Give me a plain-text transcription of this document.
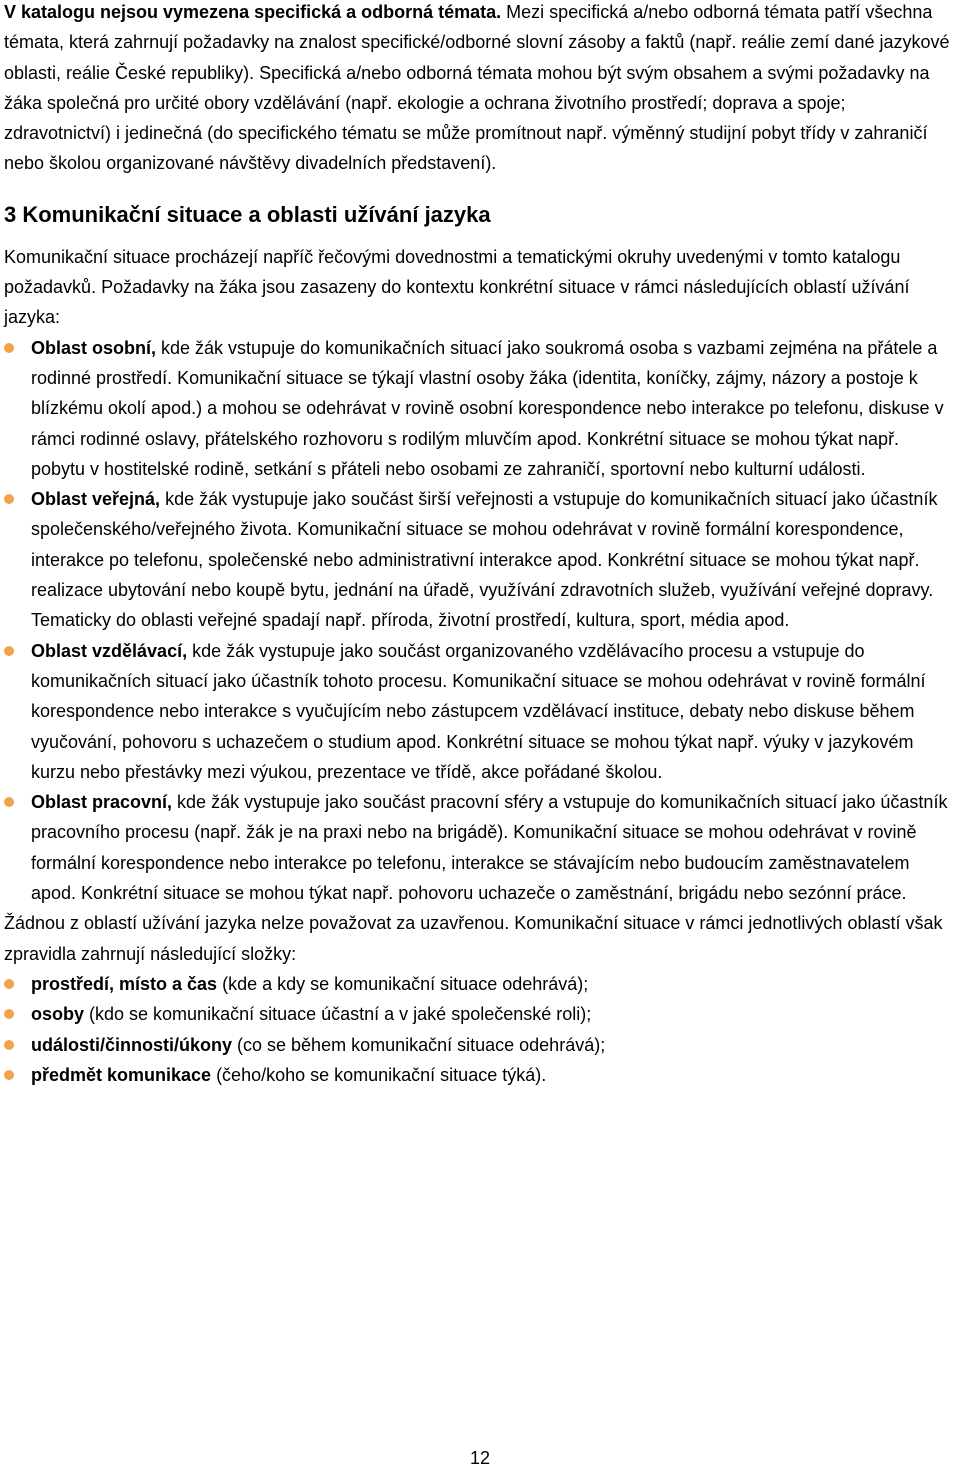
V katalogu nejsou vymezena specifická a odborná témata. Mezi specifická a/nebo odborná témata patří všechna témata, která zahrnují požadavky na znalost specifické/odborné slovní zásoby a faktů (např. reálie zemí dané jazykové oblasti, reálie České republiky). Specifická a/nebo odborná témata mohou být svým obsahem a svými požadavky na žáka společná pro určité obory vzdělávání (např. ekologie a ochrana životního prostředí; doprava a spoje; zdravotnictví) i jedinečná (do specifického tématu se může promítnout např. výměnný studijní pobyt třídy v zahraničí nebo školou organizované návštěvy divadelních představení).

3 Komunikační situace a oblasti užívání jazyka

Komunikační situace procházejí napříč řečovými dovednostmi a tematickými okruhy uvedenými v tomto katalogu požadavků. Požadavky na žáka jsou zasazeny do kontextu konkrétní situace v rámci následujících oblastí užívání jazyka:

Oblast osobní, kde žák vstupuje do komunikačních situací jako soukromá osoba s vazbami zejména na přátele a rodinné prostředí. Komunikační situace se týkají vlastní osoby žáka (identita, koníčky, zájmy, názory a postoje k blízkému okolí apod.) a mohou se odehrávat v rovině osobní korespondence nebo interakce po telefonu, diskuse v rámci rodinné oslavy, přátelského rozhovoru s rodilým mluvčím apod. Konkrétní situace se mohou týkat např. pobytu v hostitelské rodině, setkání s přáteli nebo osobami ze zahraničí, sportovní nebo kulturní události.
Oblast veřejná, kde žák vystupuje jako součást širší veřejnosti a vstupuje do komunikačních situací jako účastník společenského/veřejného života. Komunikační situace se mohou odehrávat v rovině formální korespondence, interakce po telefonu, společenské nebo administrativní interakce apod. Konkrétní situace se mohou týkat např. realizace ubytování nebo koupě bytu, jednání na úřadě, využívání zdravotních služeb, využívání veřejné dopravy. Tematicky do oblasti veřejné spadají např. příroda, životní prostředí, kultura, sport, média apod.
Oblast vzdělávací, kde žák vystupuje jako součást organizovaného vzdělávacího procesu a vstupuje do komunikačních situací jako účastník tohoto procesu. Komunikační situace se mohou odehrávat v rovině formální korespondence nebo interakce s vyučujícím nebo zástupcem vzdělávací instituce, debaty nebo diskuse během vyučování, pohovoru s uchazečem o studium apod. Konkrétní situace se mohou týkat např. výuky v jazykovém kurzu nebo přestávky mezi výukou, prezentace ve třídě, akce pořádané školou.
Oblast pracovní, kde žák vystupuje jako součást pracovní sféry a vstupuje do komunikačních situací jako účastník pracovního procesu (např. žák je na praxi nebo na brigádě). Komunikační situace se mohou odehrávat v rovině formální korespondence nebo interakce po telefonu, interakce se stávajícím nebo budoucím zaměstnavatelem apod. Konkrétní situace se mohou týkat např. pohovoru uchazeče o zaměstnání, brigádu nebo sezónní práce.

Žádnou z oblastí užívání jazyka nelze považovat za uzavřenou. Komunikační situace v rámci jednotlivých oblastí však zpravidla zahrnují následující složky:

prostředí, místo a čas (kde a kdy se komunikační situace odehrává);
osoby (kdo se komunikační situace účastní a v jaké společenské roli);
události/činnosti/úkony (co se během komunikační situace odehrává);
předmět komunikace (čeho/koho se komunikační situace týká).
12
